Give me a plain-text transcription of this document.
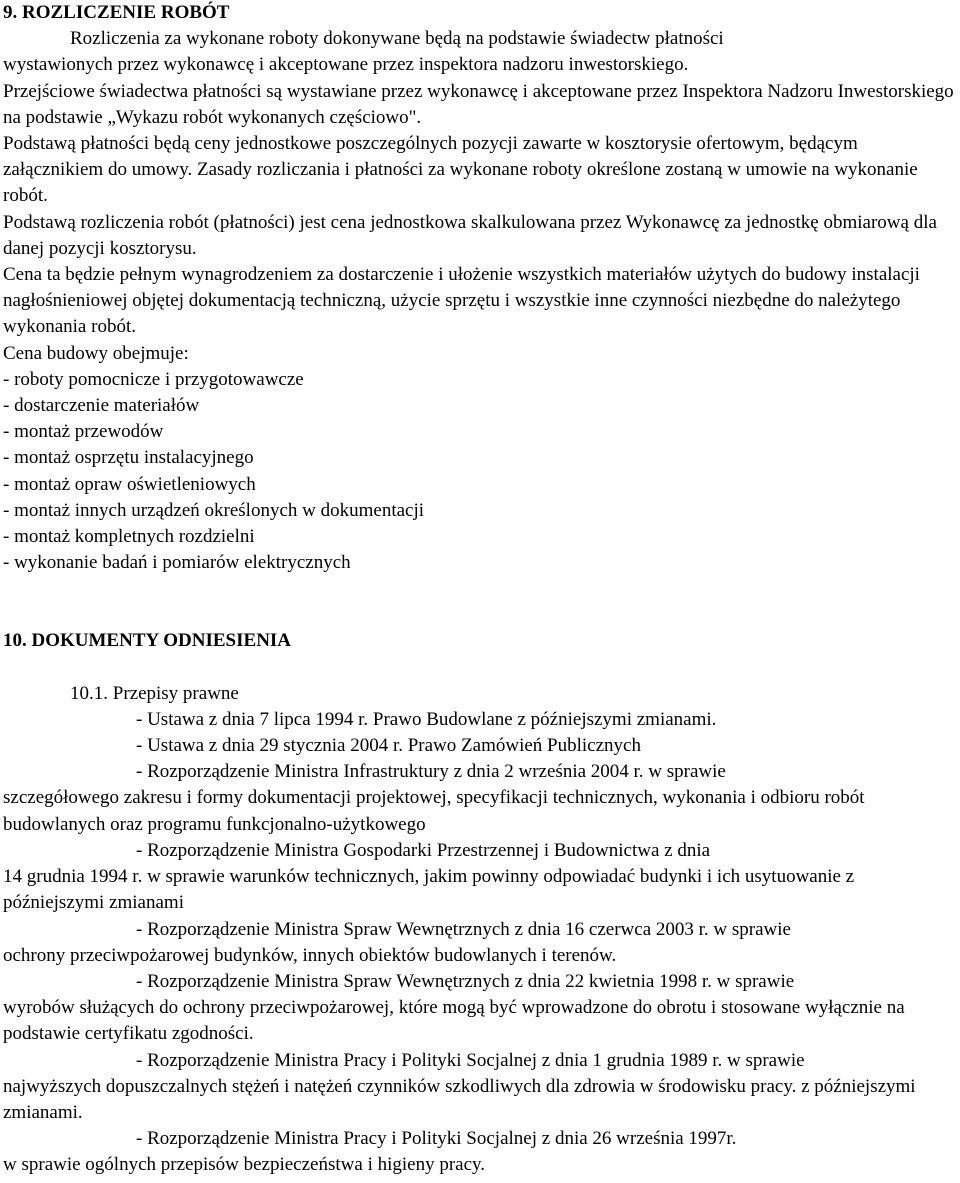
9. ROZLICZENIE ROBÓT
Rozliczenia za wykonane roboty dokonywane będą na podstawie świadectw płatności
wystawionych przez wykonawcę i akceptowane przez inspektora nadzoru inwestorskiego.
Przejściowe świadectwa płatności są wystawiane przez wykonawcę i akceptowane przez Inspektora Nadzoru Inwestorskiego na podstawie „Wykazu robót wykonanych częściowo".
Podstawą płatności będą ceny jednostkowe poszczególnych pozycji zawarte w kosztorysie ofertowym, będącym załącznikiem do umowy. Zasady rozliczania i płatności za wykonane roboty określone zostaną w umowie na wykonanie robót.
Podstawą rozliczenia robót (płatności) jest cena jednostkowa skalkulowana przez Wykonawcę za jednostkę obmiarową dla danej pozycji kosztorysu.
Cena ta będzie pełnym wynagrodzeniem za dostarczenie i ułożenie wszystkich materiałów użytych do budowy instalacji nagłośnieniowej objętej dokumentacją techniczną, użycie sprzętu i wszystkie inne czynności niezbędne do należytego wykonania robót.
Cena budowy obejmuje:
- roboty pomocnicze i przygotowawcze
- dostarczenie materiałów
- montaż przewodów
- montaż osprzętu instalacyjnego
- montaż opraw oświetleniowych
- montaż innych urządzeń określonych w dokumentacji
- montaż kompletnych rozdzielni
- wykonanie badań i pomiarów elektrycznych
10. DOKUMENTY ODNIESIENIA
10.1. Przepisy prawne
- Ustawa z dnia 7 lipca 1994 r. Prawo Budowlane z późniejszymi zmianami.
- Ustawa z dnia 29 stycznia 2004 r. Prawo Zamówień Publicznych
- Rozporządzenie Ministra Infrastruktury z dnia 2 września 2004 r. w sprawie
szczegółowego zakresu i formy dokumentacji projektowej, specyfikacji technicznych, wykonania i odbioru robót budowlanych oraz programu funkcjonalno-użytkowego
- Rozporządzenie Ministra Gospodarki Przestrzennej i Budownictwa z dnia
14 grudnia 1994 r. w sprawie warunków technicznych, jakim powinny odpowiadać budynki i ich usytuowanie z późniejszymi zmianami
- Rozporządzenie Ministra Spraw Wewnętrznych z dnia 16 czerwca 2003 r. w sprawie
ochrony przeciwpożarowej budynków, innych obiektów budowlanych i terenów.
- Rozporządzenie Ministra Spraw Wewnętrznych z dnia 22 kwietnia 1998 r. w sprawie
wyrobów służących do ochrony przeciwpożarowej, które mogą być wprowadzone do obrotu i stosowane wyłącznie na podstawie certyfikatu zgodności.
- Rozporządzenie Ministra Pracy i Polityki Socjalnej z dnia 1 grudnia 1989 r. w sprawie
najwyższych dopuszczalnych stężeń i natężeń czynników szkodliwych dla zdrowia w środowisku pracy. z późniejszymi zmianami.
- Rozporządzenie Ministra Pracy i Polityki Socjalnej z dnia 26 września 1997r.
w sprawie ogólnych przepisów bezpieczeństwa i higieny pracy.
